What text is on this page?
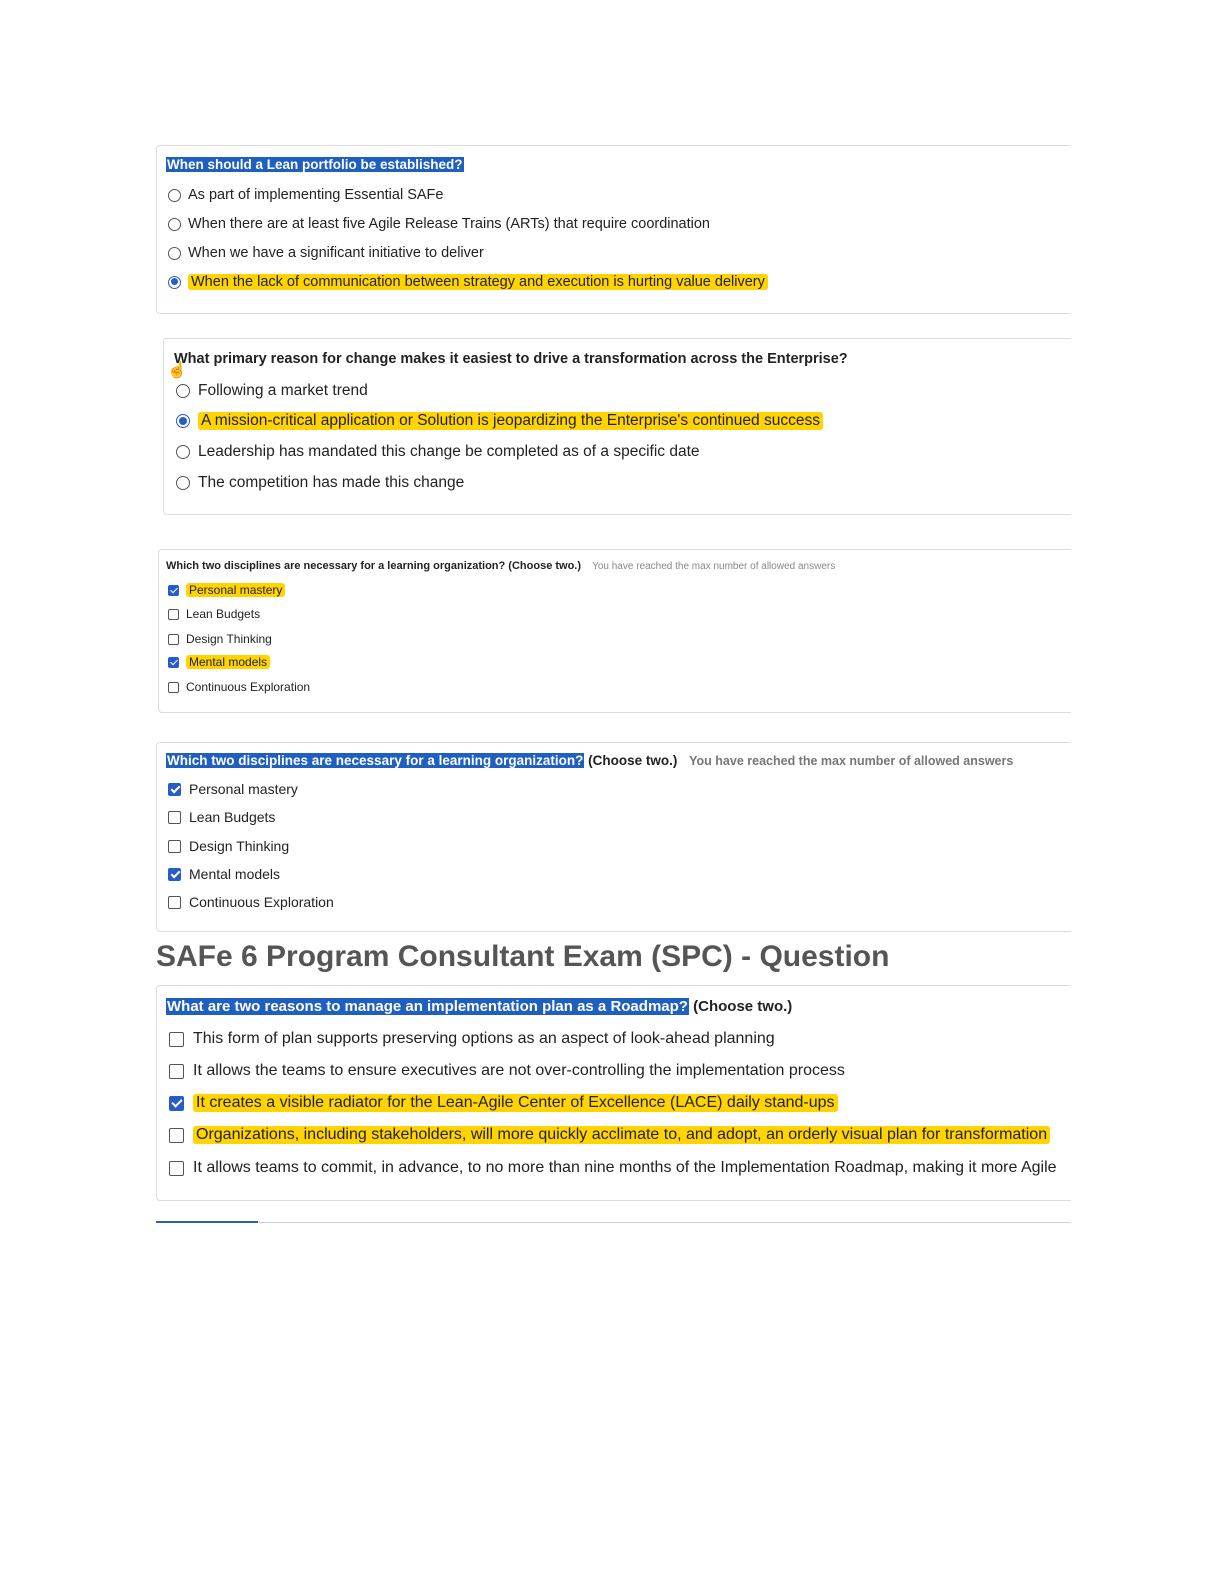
When should a Lean portfolio be established?
As part of implementing Essential SAFe
When there are at least five Agile Release Trains (ARTs) that require coordination
When we have a significant initiative to deliver
When the lack of communication between strategy and execution is hurting value delivery
What primary reason for change makes it easiest to drive a transformation across the Enterprise?
☝
Following a market trend
A mission-critical application or Solution is jeopardizing the Enterprise's continued success
Leadership has mandated this change be completed as of a specific date
The competition has made this change
Which two disciplines are necessary for a learning organization? (Choose two.) You have reached the max number of allowed answers
Personal mastery
Lean Budgets
Design Thinking
Mental models
Continuous Exploration
Which two disciplines are necessary for a learning organization? (Choose two.) You have reached the max number of allowed answers
Personal mastery
Lean Budgets
Design Thinking
Mental models
Continuous Exploration
SAFe 6 Program Consultant Exam (SPC) - Question
What are two reasons to manage an implementation plan as a Roadmap? (Choose two.)
This form of plan supports preserving options as an aspect of look-ahead planning
It allows the teams to ensure executives are not over-controlling the implementation process
It creates a visible radiator for the Lean-Agile Center of Excellence (LACE) daily stand-ups
Organizations, including stakeholders, will more quickly acclimate to, and adopt, an orderly visual plan for transformation
It allows teams to commit, in advance, to no more than nine months of the Implementation Roadmap, making it more Agile
